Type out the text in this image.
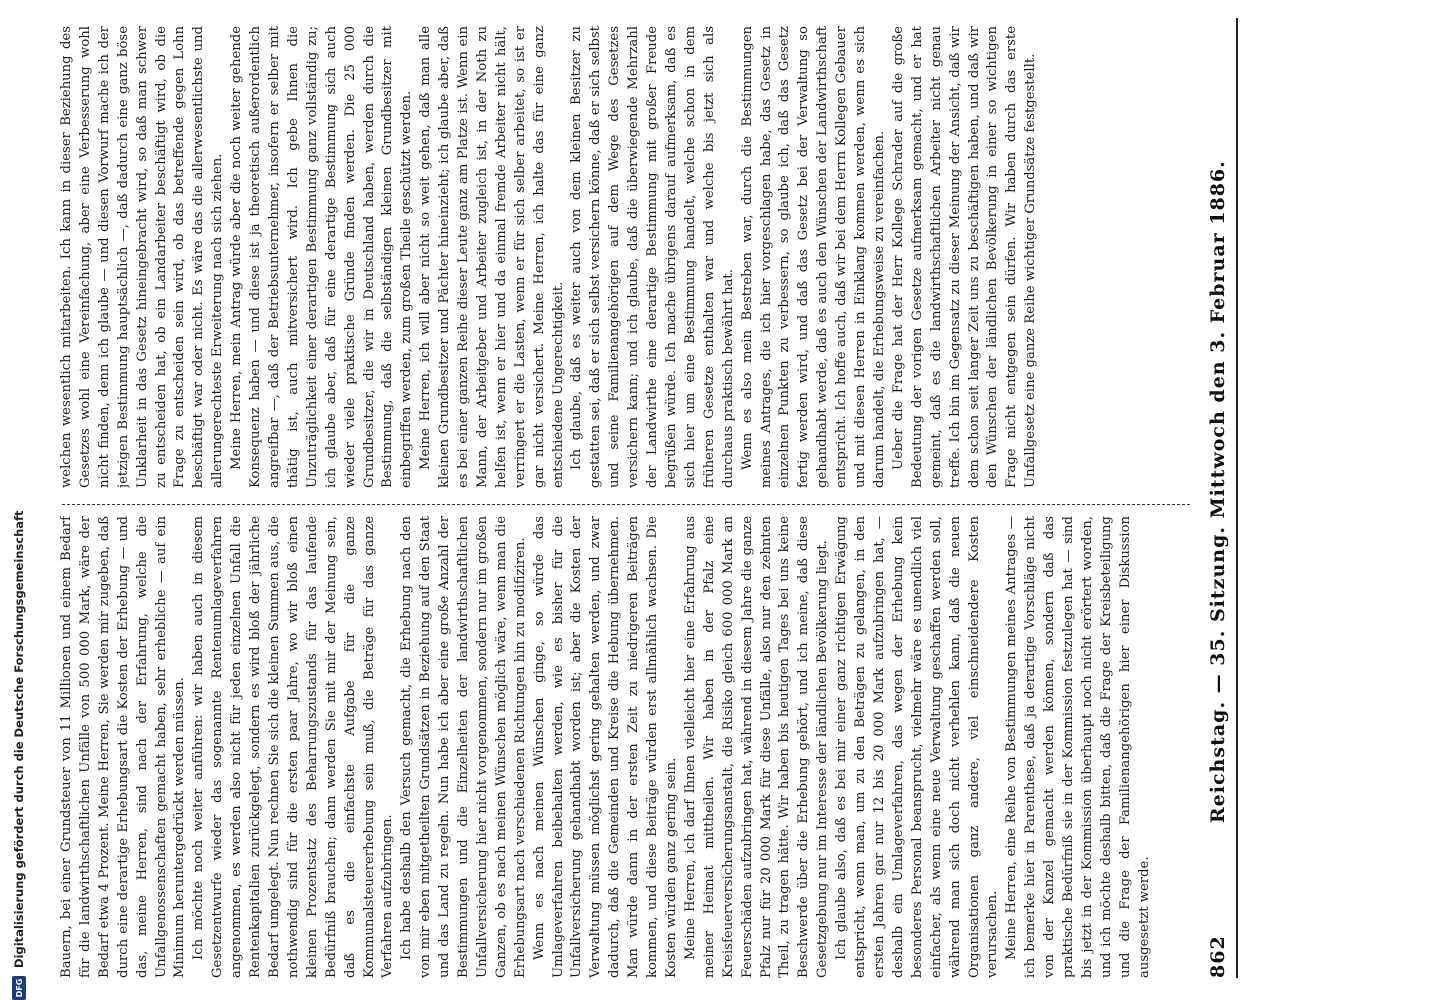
862
Reichstag. — 35. Sitzung. Mittwoch den 3. Februar 1886.

Bauern, bei einer Grundsteuer von 11 Millionen und einem Bedarf für die landwirthschaftlichen Unfälle von 500 000 Mark, wäre der Bedarf etwa 4 Prozent. Meine Herren, Sie werden mir zugeben, daß durch eine derartige Erhebungsart die Kosten der Erhebung — und das, meine Herren, sind nach der Erfahrung, welche die Unfallgenossenschaften gemacht haben, sehr erhebliche — auf ein Minimum heruntergedrückt werden müssen. Ich möchte noch weiter anführen: wir haben auch in diesem Gesetzentwurfe wieder das sogenannte Rentenumlageverfahren angenommen, es werden also nicht für jeden einzelnen Unfall die Rentenkapitalien zurückgelegt, sondern es wird bloß der jährliche Bedarf umgelegt. Nun rechnen Sie sich die kleinen Summen aus, die nothwendig sind für die ersten paar Jahre, wo wir bloß einen kleinen Prozentsatz des Beharrungszustands für das laufende Bedürfniß brauchen; dann werden Sie mit mir der Meinung sein, daß es die einfachste Aufgabe für die ganze Kommunalsteuererhebung sein muß, die Beträge für das ganze Verfahren aufzubringen. Ich habe deshalb den Versuch gemacht, die Erhebung nach den von mir eben mitgetheilten Grundsätzen in Beziehung auf den Staat und das Land zu regeln. Nun habe ich aber eine große Anzahl der Bestimmungen und die Einzelheiten der landwirthschaftlichen Unfallversicherung hier nicht vorgenommen, sondern nur im großen Ganzen, ob es nach meinen Wünschen möglich wäre, wenn man die Erhebungsart nach verschiedenen Richtungen hin zu modifiziren. Wenn es nach meinen Wünschen ginge, so würde das Umlageverfahren beibehalten werden, wie es bisher für die Unfallversicherung gehandhabt worden ist; aber die Kosten der Verwaltung müssen möglichst gering gehalten werden, und zwar dadurch, daß die Gemeinden und Kreise die Hebung übernehmen. Man würde dann in der ersten Zeit zu niedrigeren Beiträgen kommen, und diese Beiträge würden erst allmählich wachsen. Die Kosten würden ganz gering sein. Meine Herren, ich darf Ihnen vielleicht hier eine Erfahrung aus meiner Heimat mittheilen. Wir haben in der Pfalz eine Kreisfeuerversicherungsanstalt, die Risiko gleich 600 000 Mark an Feuerschäden aufzubringen hat, während in diesem Jahre die ganze Pfalz nur für 20 000 Mark für diese Unfälle, also nur den zehnten Theil, zu tragen hätte. Wir haben bis heutigen Tages bei uns keine Beschwerde über die Erhebung gehört, und ich meine, daß diese Gesetzgebung nur im Interesse der ländlichen Bevölkerung liegt. Ich glaube also, daß es bei mir einer ganz richtigen Erwägung entspricht, wenn man, um zu den Beträgen zu gelangen, in den ersten Jahren gar nur 12 bis 20 000 Mark aufzubringen hat, — deshalb ein Umlageverfahren, das wegen der Erhebung kein besonderes Personal beansprucht, vielmehr wäre es unendlich viel einfacher, als wenn eine neue Verwaltung geschaffen werden soll, während man sich doch nicht verhehlen kann, daß die neuen Organisationen ganz andere, viel einschneidendere Kosten verursachen. Meine Herren, eine Reihe von Bestimmungen meines Antrages — ich bemerke hier in Parenthese, daß ja derartige Vorschläge nicht von der Kanzel gemacht werden können, sondern daß das praktische Bedürfniß sie in der Kommission festzulegen hat — sind bis jetzt in der Kommission überhaupt noch nicht erörtert worden, und ich möchte deshalb bitten, daß die Frage der Kreisbeteiligung und die Frage der Familienangehörigen hier einer Diskussion ausgesetzt werde.

welchen wesentlich mitarbeiten. Ich kann in dieser Beziehung des Gesetzes wohl eine Vereinfachung, aber eine Verbesserung wohl nicht finden, denn ich glaube — und diesen Vorwurf mache ich der jetzigen Bestimmung hauptsächlich —, daß dadurch eine ganz böse Unklarheit in das Gesetz hineingebracht wird, so daß man schwer zu entscheiden hat, ob ein Landarbeiter beschäftigt wird, ob die Frage zu entscheiden sein wird, ob das betreffende gegen Lohn beschäftigt war oder nicht. Es wäre das die allerwesentlichste und allerungerechteste Erweiterung nach sich ziehen. Meine Herren, mein Antrag würde aber die noch weiter gehende Konsequenz haben — und diese ist ja theoretisch außerordentlich angreifbar —, daß der Betriebsunternehmer, insofern er selber mit thätig ist, auch mitversichert wird. Ich gebe Ihnen die Unzuträglichkeit einer derartigen Bestimmung ganz vollständig zu; ich glaube aber, daß für eine derartige Bestimmung sich auch wieder viele praktische Gründe finden werden. Die 25 000 Grundbesitzer, die wir in Deutschland haben, werden durch die Bestimmung, daß die selbständigen kleinen Grundbesitzer mit einbegriffen werden, zum großen Theile geschützt werden. Meine Herren, ich will aber nicht so weit gehen, daß man alle kleinen Grundbesitzer und Pächter hineinzieht; ich glaube aber, daß es bei einer ganzen Reihe dieser Leute ganz am Platze ist. Wenn ein Mann, der Arbeitgeber und Arbeiter zugleich ist, in der Noth zu helfen ist, wenn er hier und da einmal fremde Arbeiter nicht hält, verringert er die Lasten, wenn er für sich selber arbeitet, so ist er gar nicht versichert. Meine Herren, ich halte das für eine ganz entschiedene Ungerechtigkeit. Ich glaube, daß es weiter auch von dem kleinen Besitzer zu gestatten sei, daß er sich selbst versichern könne, daß er sich selbst und seine Familienangehörigen auf dem Wege des Gesetzes versichern kann; und ich glaube, daß die überwiegende Mehrzahl der Landwirthe eine derartige Bestimmung mit großer Freude begrüßen würde. Ich mache übrigens darauf aufmerksam, daß es sich hier um eine Bestimmung handelt, welche schon in dem früheren Gesetze enthalten war und welche bis jetzt sich als durchaus praktisch bewährt hat. Wenn es also mein Bestreben war, durch die Bestimmungen meines Antrages, die ich hier vorgeschlagen habe, das Gesetz in einzelnen Punkten zu verbessern, so glaube ich, daß das Gesetz fertig werden wird, und daß das Gesetz bei der Verwaltung so gehandhabt werde, daß es auch den Wünschen der Landwirthschaft entspricht. Ich hoffe auch, daß wir bei dem Herrn Kollegen Gebauer und mit diesen Herren in Einklang kommen werden, wenn es sich darum handelt, die Erhebungsweise zu vereinfachen. Ueber die Frage hat der Herr Kollege Schrader auf die große Bedeutung der vorigen Gesetze aufmerksam gemacht, und er hat gemeint, daß es die landwirthschaftlichen Arbeiter nicht genau treffe. Ich bin im Gegensatz zu dieser Meinung der Ansicht, daß wir dem schon seit langer Zeit uns zu beschäftigen haben, und daß wir den Wünschen der ländlichen Bevölkerung in einer so wichtigen Frage nicht entgegen sein dürfen. Wir haben durch das erste Unfallgesetz eine ganze Reihe wichtiger Grundsätze festgestellt.

DFG
Digitalisierung gefördert durch die Deutsche Forschungsgemeinschaft
